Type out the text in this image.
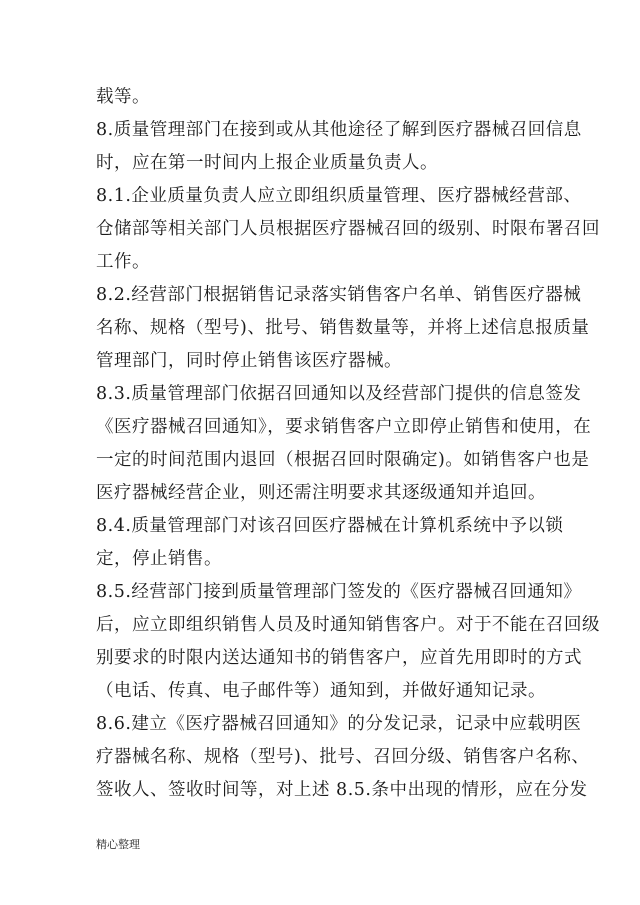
载等。
8.质量管理部门在接到或从其他途径了解到医疗器械召回信息
时，应在第一时间内上报企业质量负责人。
8.1.企业质量负责人应立即组织质量管理、医疗器械经营部、
仓储部等相关部门人员根据医疗器械召回的级别、时限布署召回
工作。
8.2.经营部门根据销售记录落实销售客户名单、销售医疗器械
名称、规格（型号)、批号、销售数量等，并将上述信息报质量
管理部门，同时停止销售该医疗器械。
8.3.质量管理部门依据召回通知以及经营部门提供的信息签发
《医疗器械召回通知》，要求销售客户立即停止销售和使用，在
一定的时间范围内退回（根据召回时限确定)。如销售客户也是
医疗器械经营企业，则还需注明要求其逐级通知并追回。
8.4.质量管理部门对该召回医疗器械在计算机系统中予以锁
定，停止销售。
8.5.经营部门接到质量管理部门签发的《医疗器械召回通知》
后，应立即组织销售人员及时通知销售客户。对于不能在召回级
别要求的时限内送达通知书的销售客户，应首先用即时的方式
（电话、传真、电子邮件等）通知到，并做好通知记录。
8.6.建立《医疗器械召回通知》的分发记录，记录中应载明医
疗器械名称、规格（型号)、批号、召回分级、销售客户名称、
签收人、签收时间等，对上述 8.5.条中出现的情形，应在分发
精心整理
